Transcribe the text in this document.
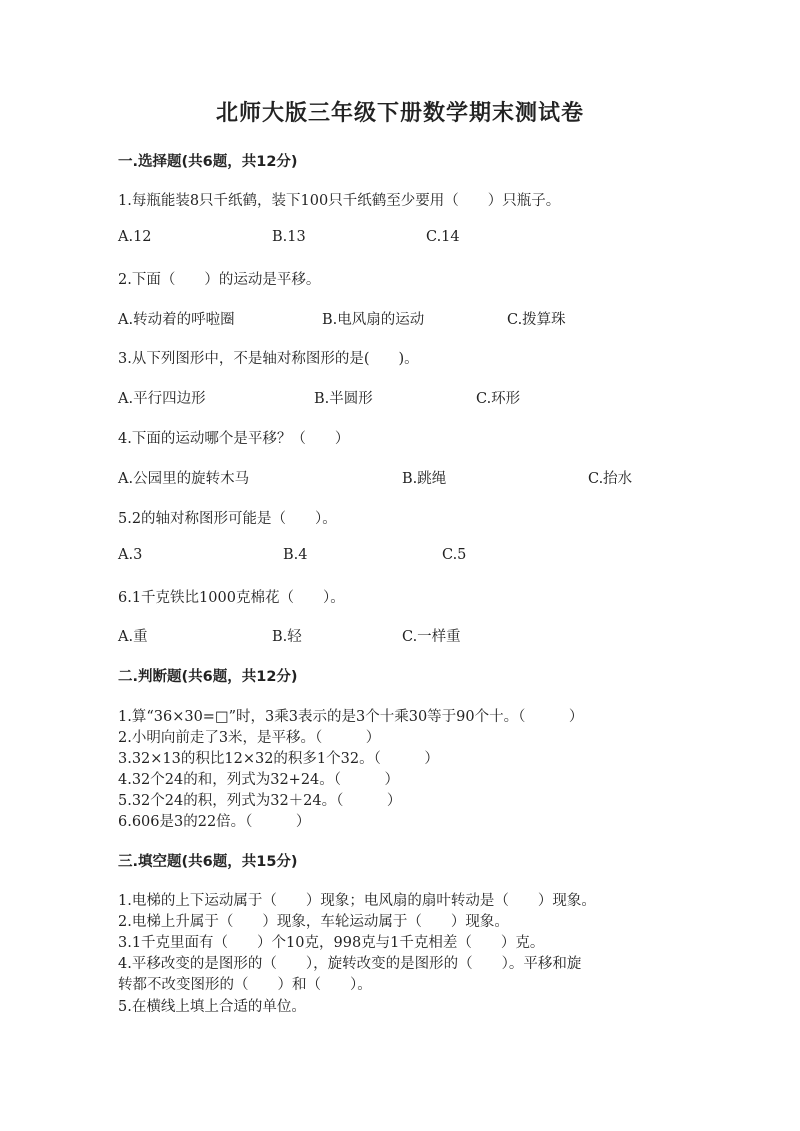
北师大版三年级下册数学期末测试卷
一.选择题(共6题，共12分)
1.每瓶能装8只千纸鹤，装下100只千纸鹤至少要用（　　）只瓶子。
A.12	B.13	C.14
2.下面（　　）的运动是平移。
A.转动着的呼啦圈	B.电风扇的运动	C.拨算珠
3.从下列图形中，不是轴对称图形的是(　　)。
A.平行四边形	B.半圆形	C.环形
4.下面的运动哪个是平移？（　　）
A.公园里的旋转木马	B.跳绳	C.抬水
5.2的轴对称图形可能是（　　）。
A.3	B.4	C.5
6.1千克铁比1000克棉花（　　）。
A.重	B.轻	C.一样重
二.判断题(共6题，共12分)
1.算“36×30=□”时，3乘3表示的是3个十乘30等于90个十。（　　　）
2.小明向前走了3米，是平移。（　　　）
3.32×13的积比12×32的积多1个32。（　　　）
4.32个24的和，列式为32+24。（　　　）
5.32个24的积，列式为32＋24。（　　　）
6.606是3的22倍。（　　　）
三.填空题(共6题，共15分)
1.电梯的上下运动属于（　　）现象；电风扇的扇叶转动是（　　）现象。
2.电梯上升属于（　　）现象，车轮运动属于（　　）现象。
3.1千克里面有（　　）个10克，998克与1千克相差（　　）克。
4.平移改变的是图形的（　　），旋转改变的是图形的（　　）。平移和旋
转都不改变图形的（　　）和（　　）。
5.在横线上填上合适的单位。
